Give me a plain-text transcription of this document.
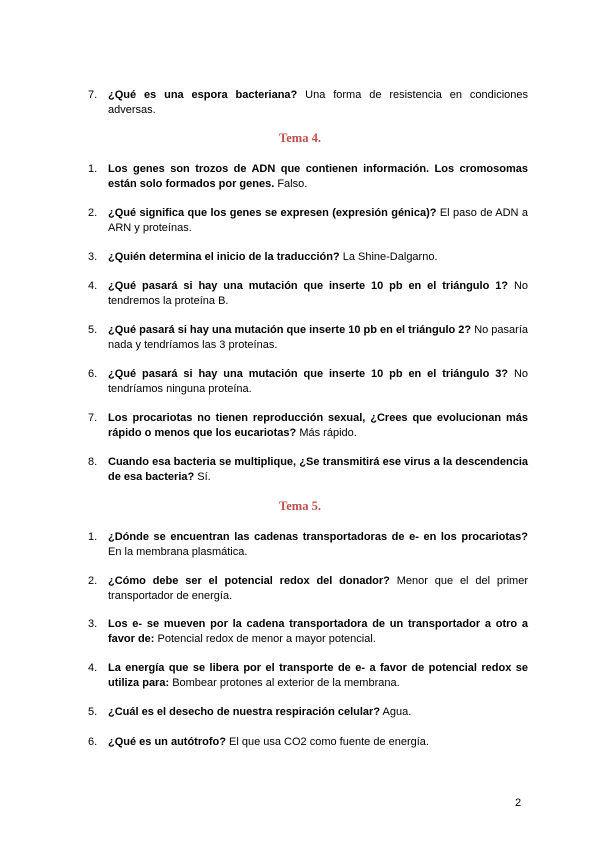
7. ¿Qué es una espora bacteriana? Una forma de resistencia en condiciones adversas.
Tema 4.
1. Los genes son trozos de ADN que contienen información. Los cromosomas están solo formados por genes. Falso.
2. ¿Qué significa que los genes se expresen (expresión génica)? El paso de ADN a ARN y proteínas.
3. ¿Quién determina el inicio de la traducción? La Shine-Dalgarno.
4. ¿Qué pasará si hay una mutación que inserte 10 pb en el triángulo 1? No tendremos la proteína B.
5. ¿Qué pasará si hay una mutación que inserte 10 pb en el triángulo 2? No pasaría nada y tendríamos las 3 proteínas.
6. ¿Qué pasará si hay una mutación que inserte 10 pb en el triángulo 3? No tendríamos ninguna proteína.
7. Los procariotas no tienen reproducción sexual, ¿Crees que evolucionan más rápido o menos que los eucariotas? Más rápido.
8. Cuando esa bacteria se multiplique, ¿Se transmitirá ese virus a la descendencia de esa bacteria? Sí.
Tema 5.
1. ¿Dónde se encuentran las cadenas transportadoras de e- en los procariotas? En la membrana plasmática.
2. ¿Cómo debe ser el potencial redox del donador? Menor que el del primer transportador de energía.
3. Los e- se mueven por la cadena transportadora de un transportador a otro a favor de: Potencial redox de menor a mayor potencial.
4. La energía que se libera por el transporte de e- a favor de potencial redox se utiliza para: Bombear protones al exterior de la membrana.
5. ¿Cuál es el desecho de nuestra respiración celular? Agua.
6. ¿Qué es un autótrofo? El que usa CO2 como fuente de energía.
2
